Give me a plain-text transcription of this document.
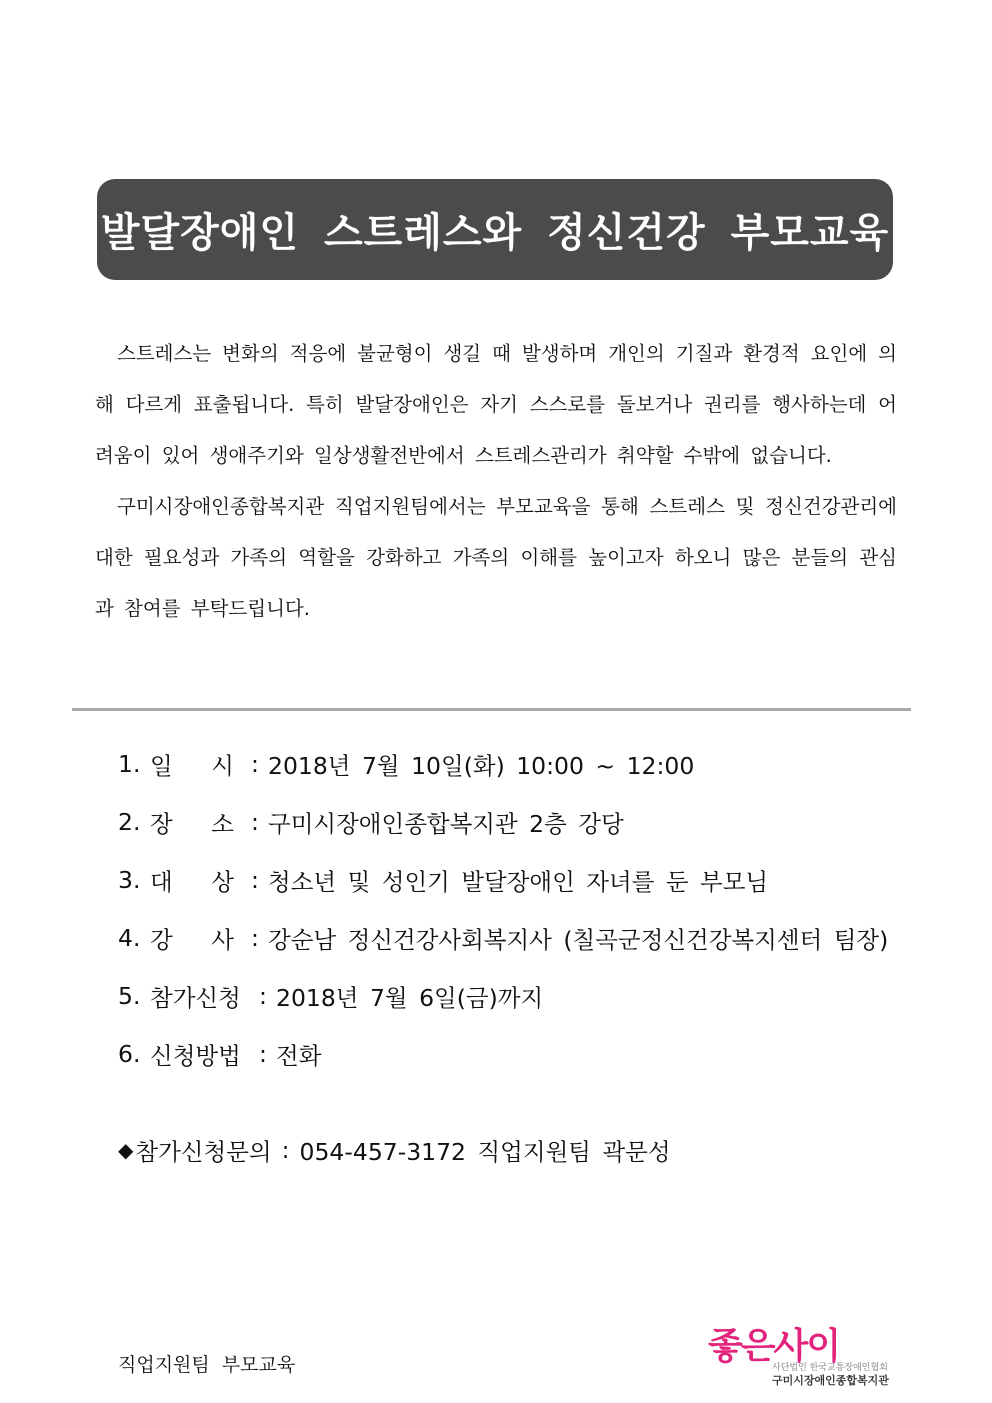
발달장애인 스트레스와 정신건강 부모교육

스트레스는 변화의 적응에 불균형이 생길 때 발생하며 개인의 기질과 환경적 요인에 의해 다르게 표출됩니다. 특히 발달장애인은 자기 스스로를 돌보거나 권리를 행사하는데 어려움이 있어 생애주기와 일상생활전반에서 스트레스관리가 취약할 수밖에 없습니다.

구미시장애인종합복지관 직업지원팀에서는 부모교육을 통해 스트레스 및 정신건강관리에 대한 필요성과 가족의 역할을 강화하고 가족의 이해를 높이고자 하오니 많은 분들의 관심과 참여를 부탁드립니다.

1. 일 시 : 2018년 7월 10일(화) 10:00 ~ 12:00
2. 장 소 : 구미시장애인종합복지관 2층 강당
3. 대 상 : 청소년 및 성인기 발달장애인 자녀를 둔 부모님
4. 강 사 : 강순남 정신건강사회복지사 (칠곡군정신건강복지센터 팀장)
5. 참가신청 : 2018년 7월 6일(금)까지
6. 신청방법 : 전화
◆ 참가신청문의 : 054-457-3172 직업지원팀 곽문성
직업지원팀 부모교육	좋은사이
사단법인 한국교통장애인협회
구미시장애인종합복지관
